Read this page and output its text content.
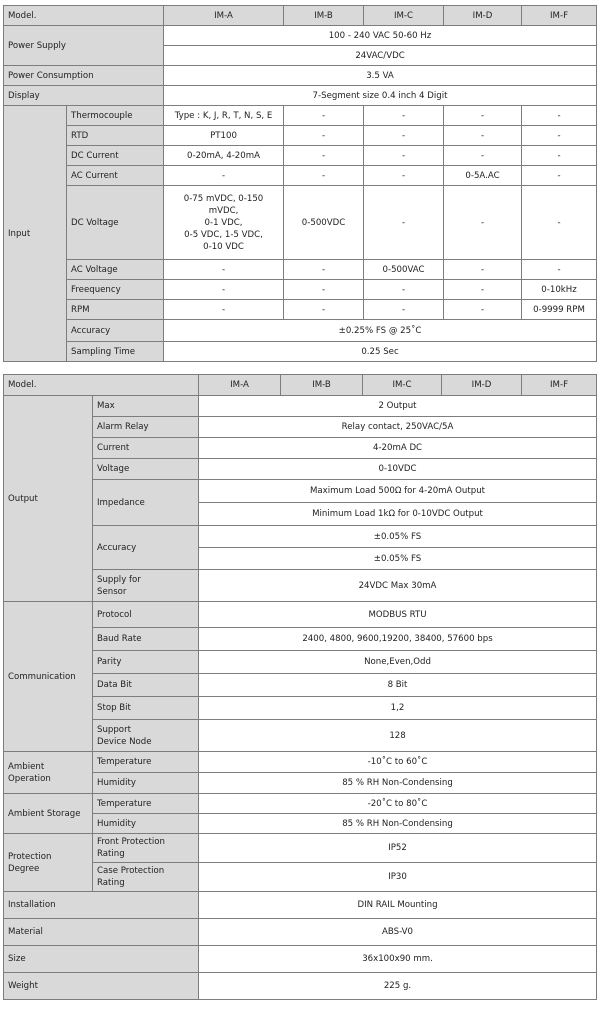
Model.		IM-A	IM-B	IM-C	IM-D	IM-F
Power Supply		100 - 240 VAC 50-60 Hz				
		24VAC/VDC				
Power Consumption		3.5 VA				
Display		7-Segment size 0.4 inch 4 Digit				
Input	Thermocouple	Type : K, J, R, T, N, S, E	-	-	-	-
	RTD	PT100	-	-	-	-
	DC Current	0-20mA, 4-20mA	-	-	-	-
	AC Current	-	-	-	0-5A.AC	-
	DC Voltage	0-75 mVDC, 0-150 mVDC,
0-1 VDC,
0-5 VDC, 1-5 VDC,
0-10 VDC	0-500VDC	-	-	-
	AC Voltage	-	-	0-500VAC	-	-
	Freequency	-	-	-	-	0-10kHz
	RPM	-	-	-	-	0-9999 RPM
	Accuracy	±0.25% FS @ 25˚C				
	Sampling Time	0.25 Sec				
Model.		IM-A	IM-B	IM-C	IM-D	IM-F
Output	Max	2 Output				
	Alarm Relay	Relay contact, 250VAC/5A				
	Current	4-20mA DC				
	Voltage	0-10VDC				
	Impedance	Maximum Load 500Ω for 4-20mA Output				
		Minimum Load 1kΩ for 0-10VDC Output				
	Accuracy	±0.05% FS				
		±0.05% FS				

	Supply for
Sensor	24VDC Max 30mA				

Communication	Protocol	MODBUS RTU				
	Baud Rate	2400, 4800, 9600,19200, 38400, 57600 bps				
	Parity	None,Even,Odd				
	Data Bit	8 Bit				
	Stop Bit	1,2				

	Support
Device Node	128				

Ambient
Operation	Temperature	-10˚C to 60˚C				
	Humidity	85 % RH Non-Condensing				
Ambient Storage	Temperature	-20˚C to 80˚C				
	Humidity	85 % RH Non-Condensing				

Protection
Degree	Front Protection Rating	IP52				
	Case Protection Rating	IP30				
Installation		DIN RAIL Mounting				
Material		ABS-V0				
Size		36x100x90 mm.				
Weight		225 g.				
